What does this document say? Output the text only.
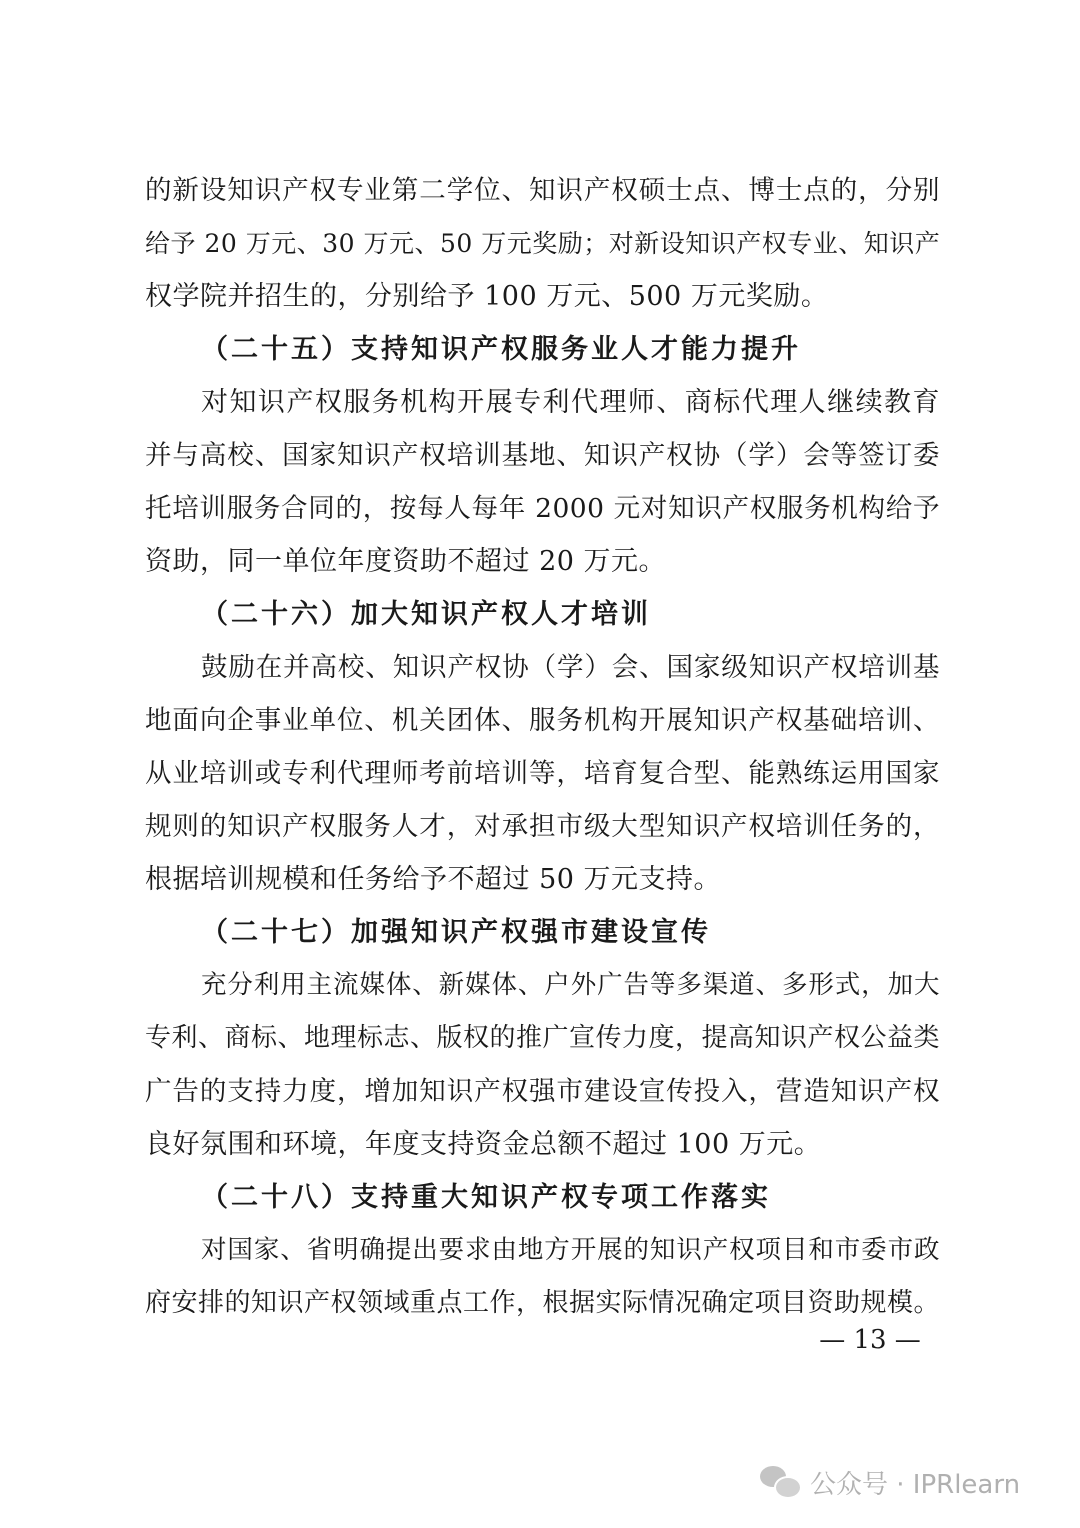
的新设知识产权专业第二学位、知识产权硕士点、博士点的，分别
给予 20 万元、30 万元、50 万元奖励；对新设知识产权专业、知识产
权学院并招生的，分别给予 100 万元、500 万元奖励。
（二十五）支持知识产权服务业人才能力提升
对知识产权服务机构开展专利代理师、商标代理人继续教育
并与高校、国家知识产权培训基地、知识产权协（学）会等签订委
托培训服务合同的，按每人每年 2000 元对知识产权服务机构给予
资助，同一单位年度资助不超过 20 万元。
（二十六）加大知识产权人才培训
鼓励在并高校、知识产权协（学）会、国家级知识产权培训基
地面向企事业单位、机关团体、服务机构开展知识产权基础培训、
从业培训或专利代理师考前培训等，培育复合型、能熟练运用国家
规则的知识产权服务人才，对承担市级大型知识产权培训任务的，
根据培训规模和任务给予不超过 50 万元支持。
（二十七）加强知识产权强市建设宣传
充分利用主流媒体、新媒体、户外广告等多渠道、多形式，加大
专利、商标、地理标志、版权的推广宣传力度，提高知识产权公益类
广告的支持力度，增加知识产权强市建设宣传投入，营造知识产权
良好氛围和环境，年度支持资金总额不超过 100 万元。
（二十八）支持重大知识产权专项工作落实
对国家、省明确提出要求由地方开展的知识产权项目和市委市政
府安排的知识产权领域重点工作，根据实际情况确定项目资助规模。
— 13 —
公众号 · IPRlearn
